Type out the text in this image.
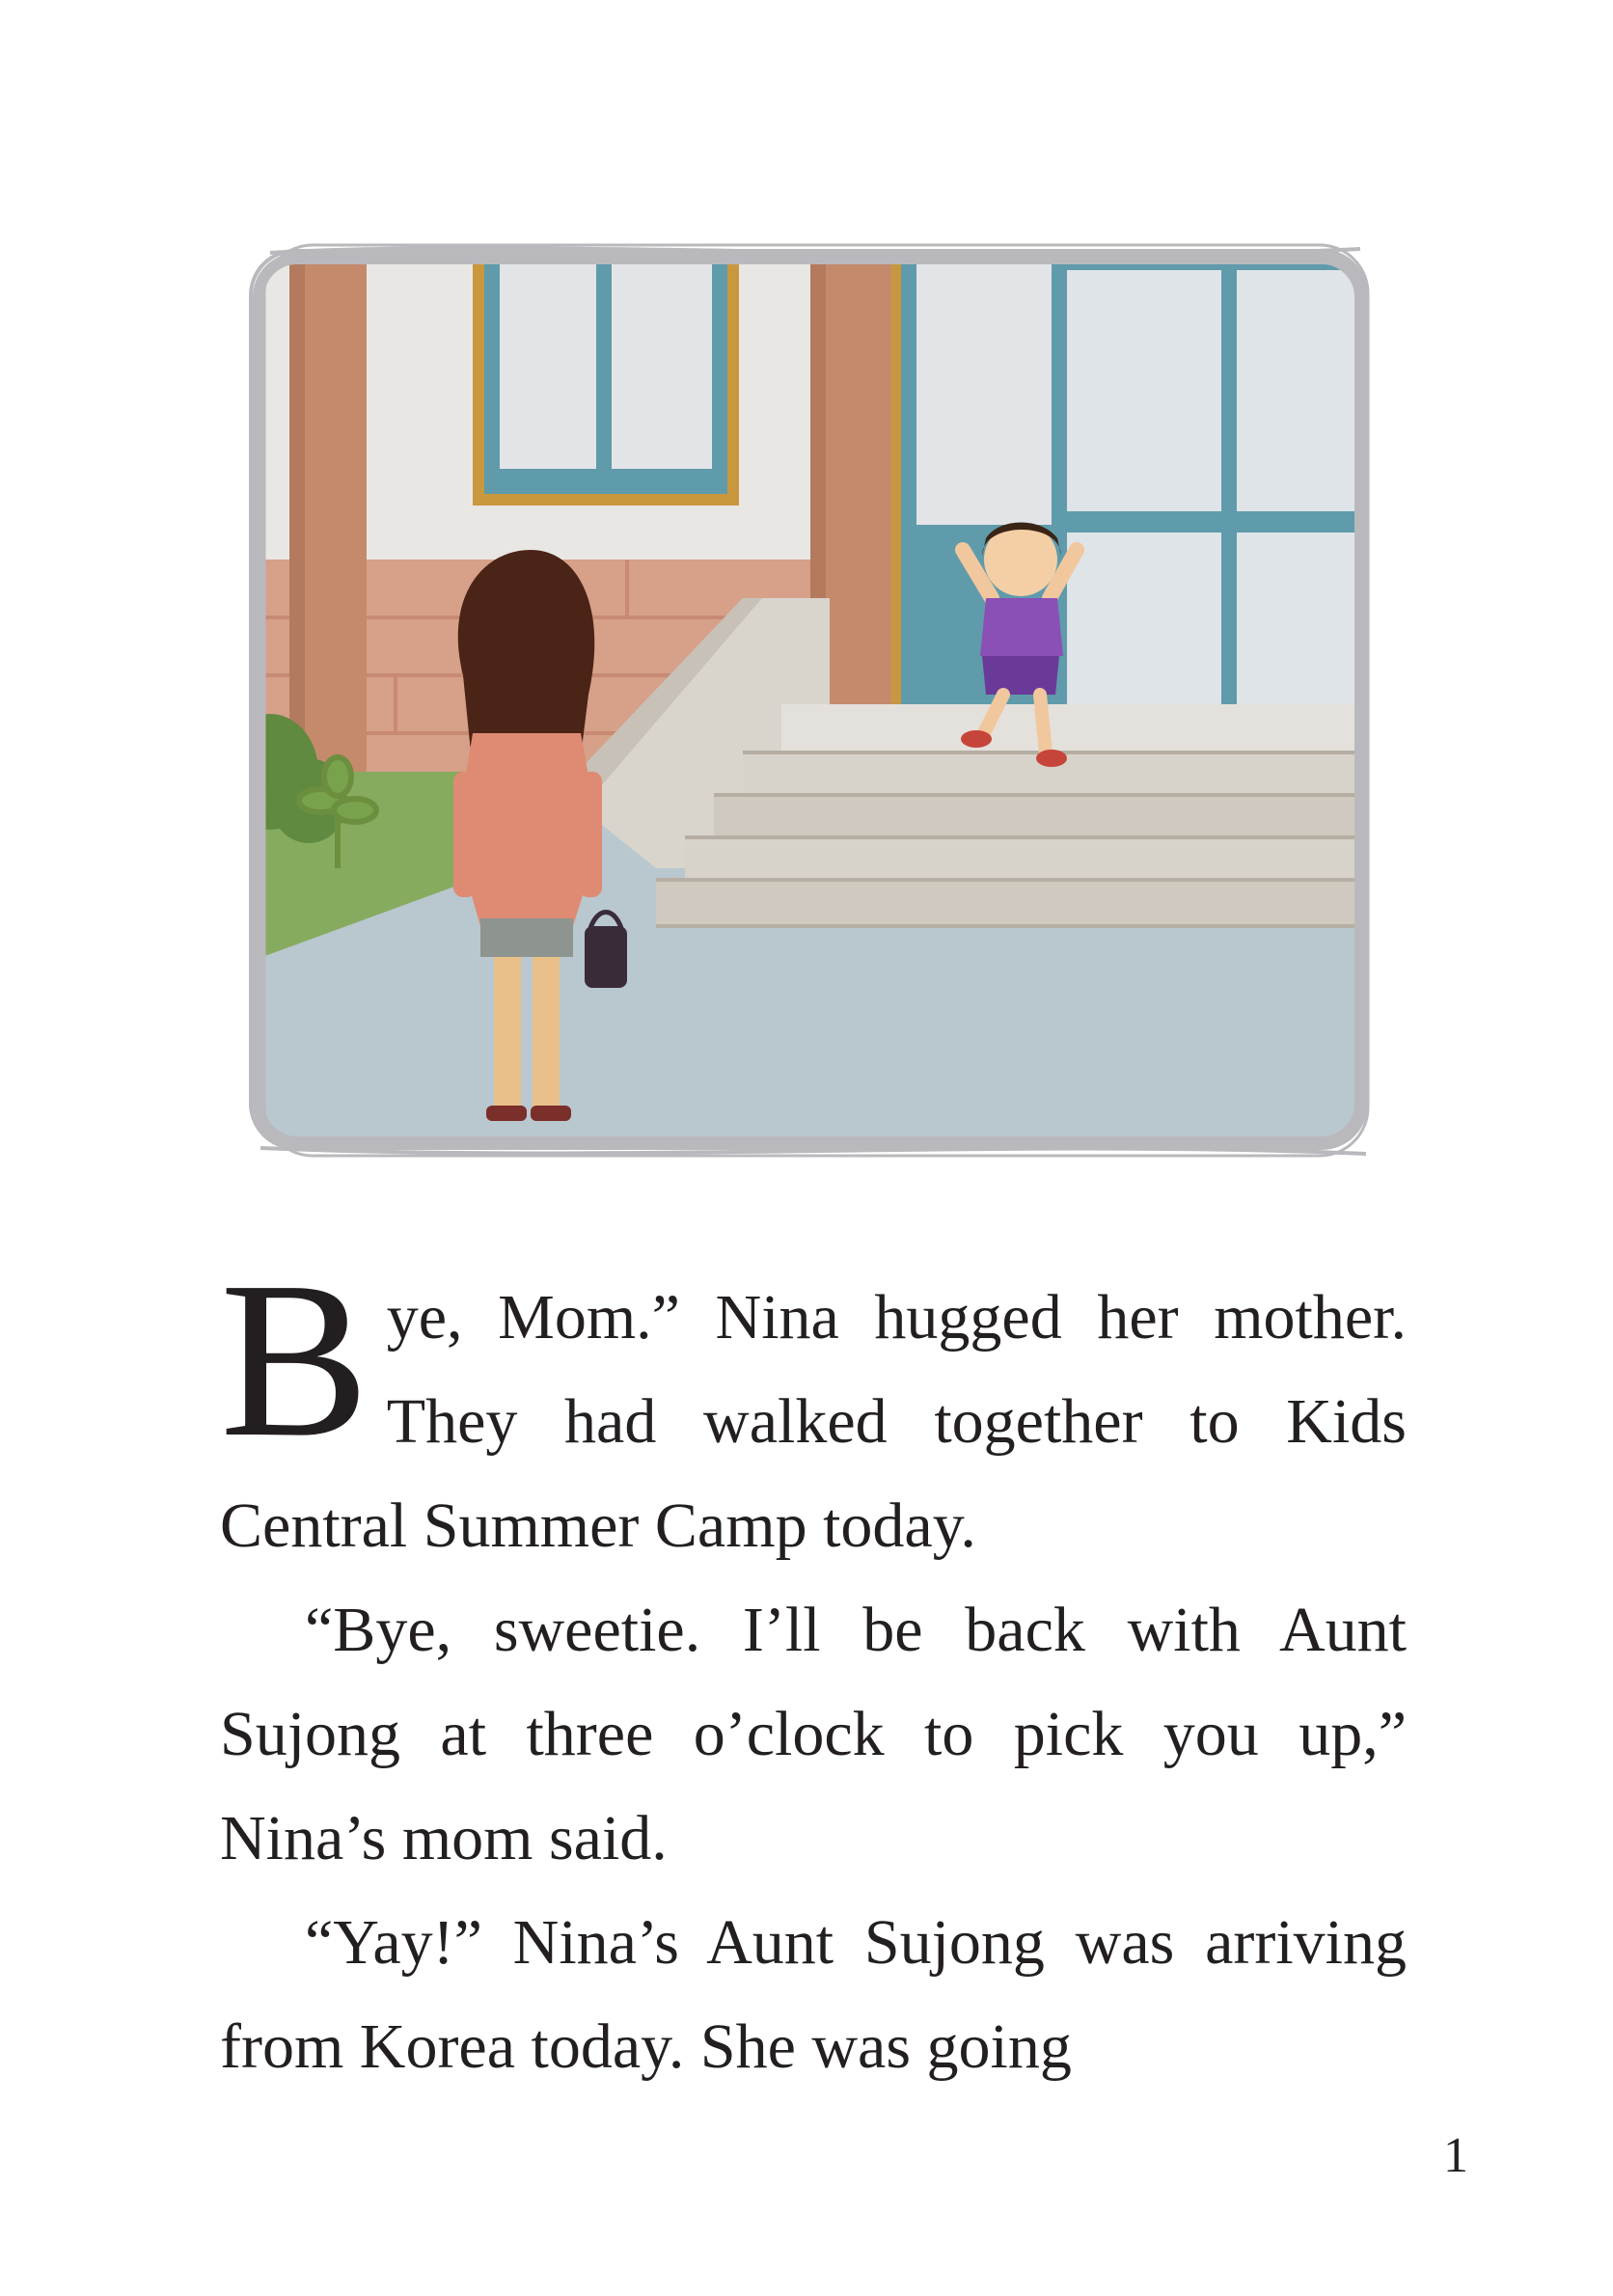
Bye, Mom.” Nina hugged her mother. They had walked together to Kids Central Summer Camp today.

“Bye, sweetie. I’ll be back with Aunt Sujong at three o’clock to pick you up,” Nina’s mom said.

“Yay!” Nina’s Aunt Sujong was arriving from Korea today. She was going

1
